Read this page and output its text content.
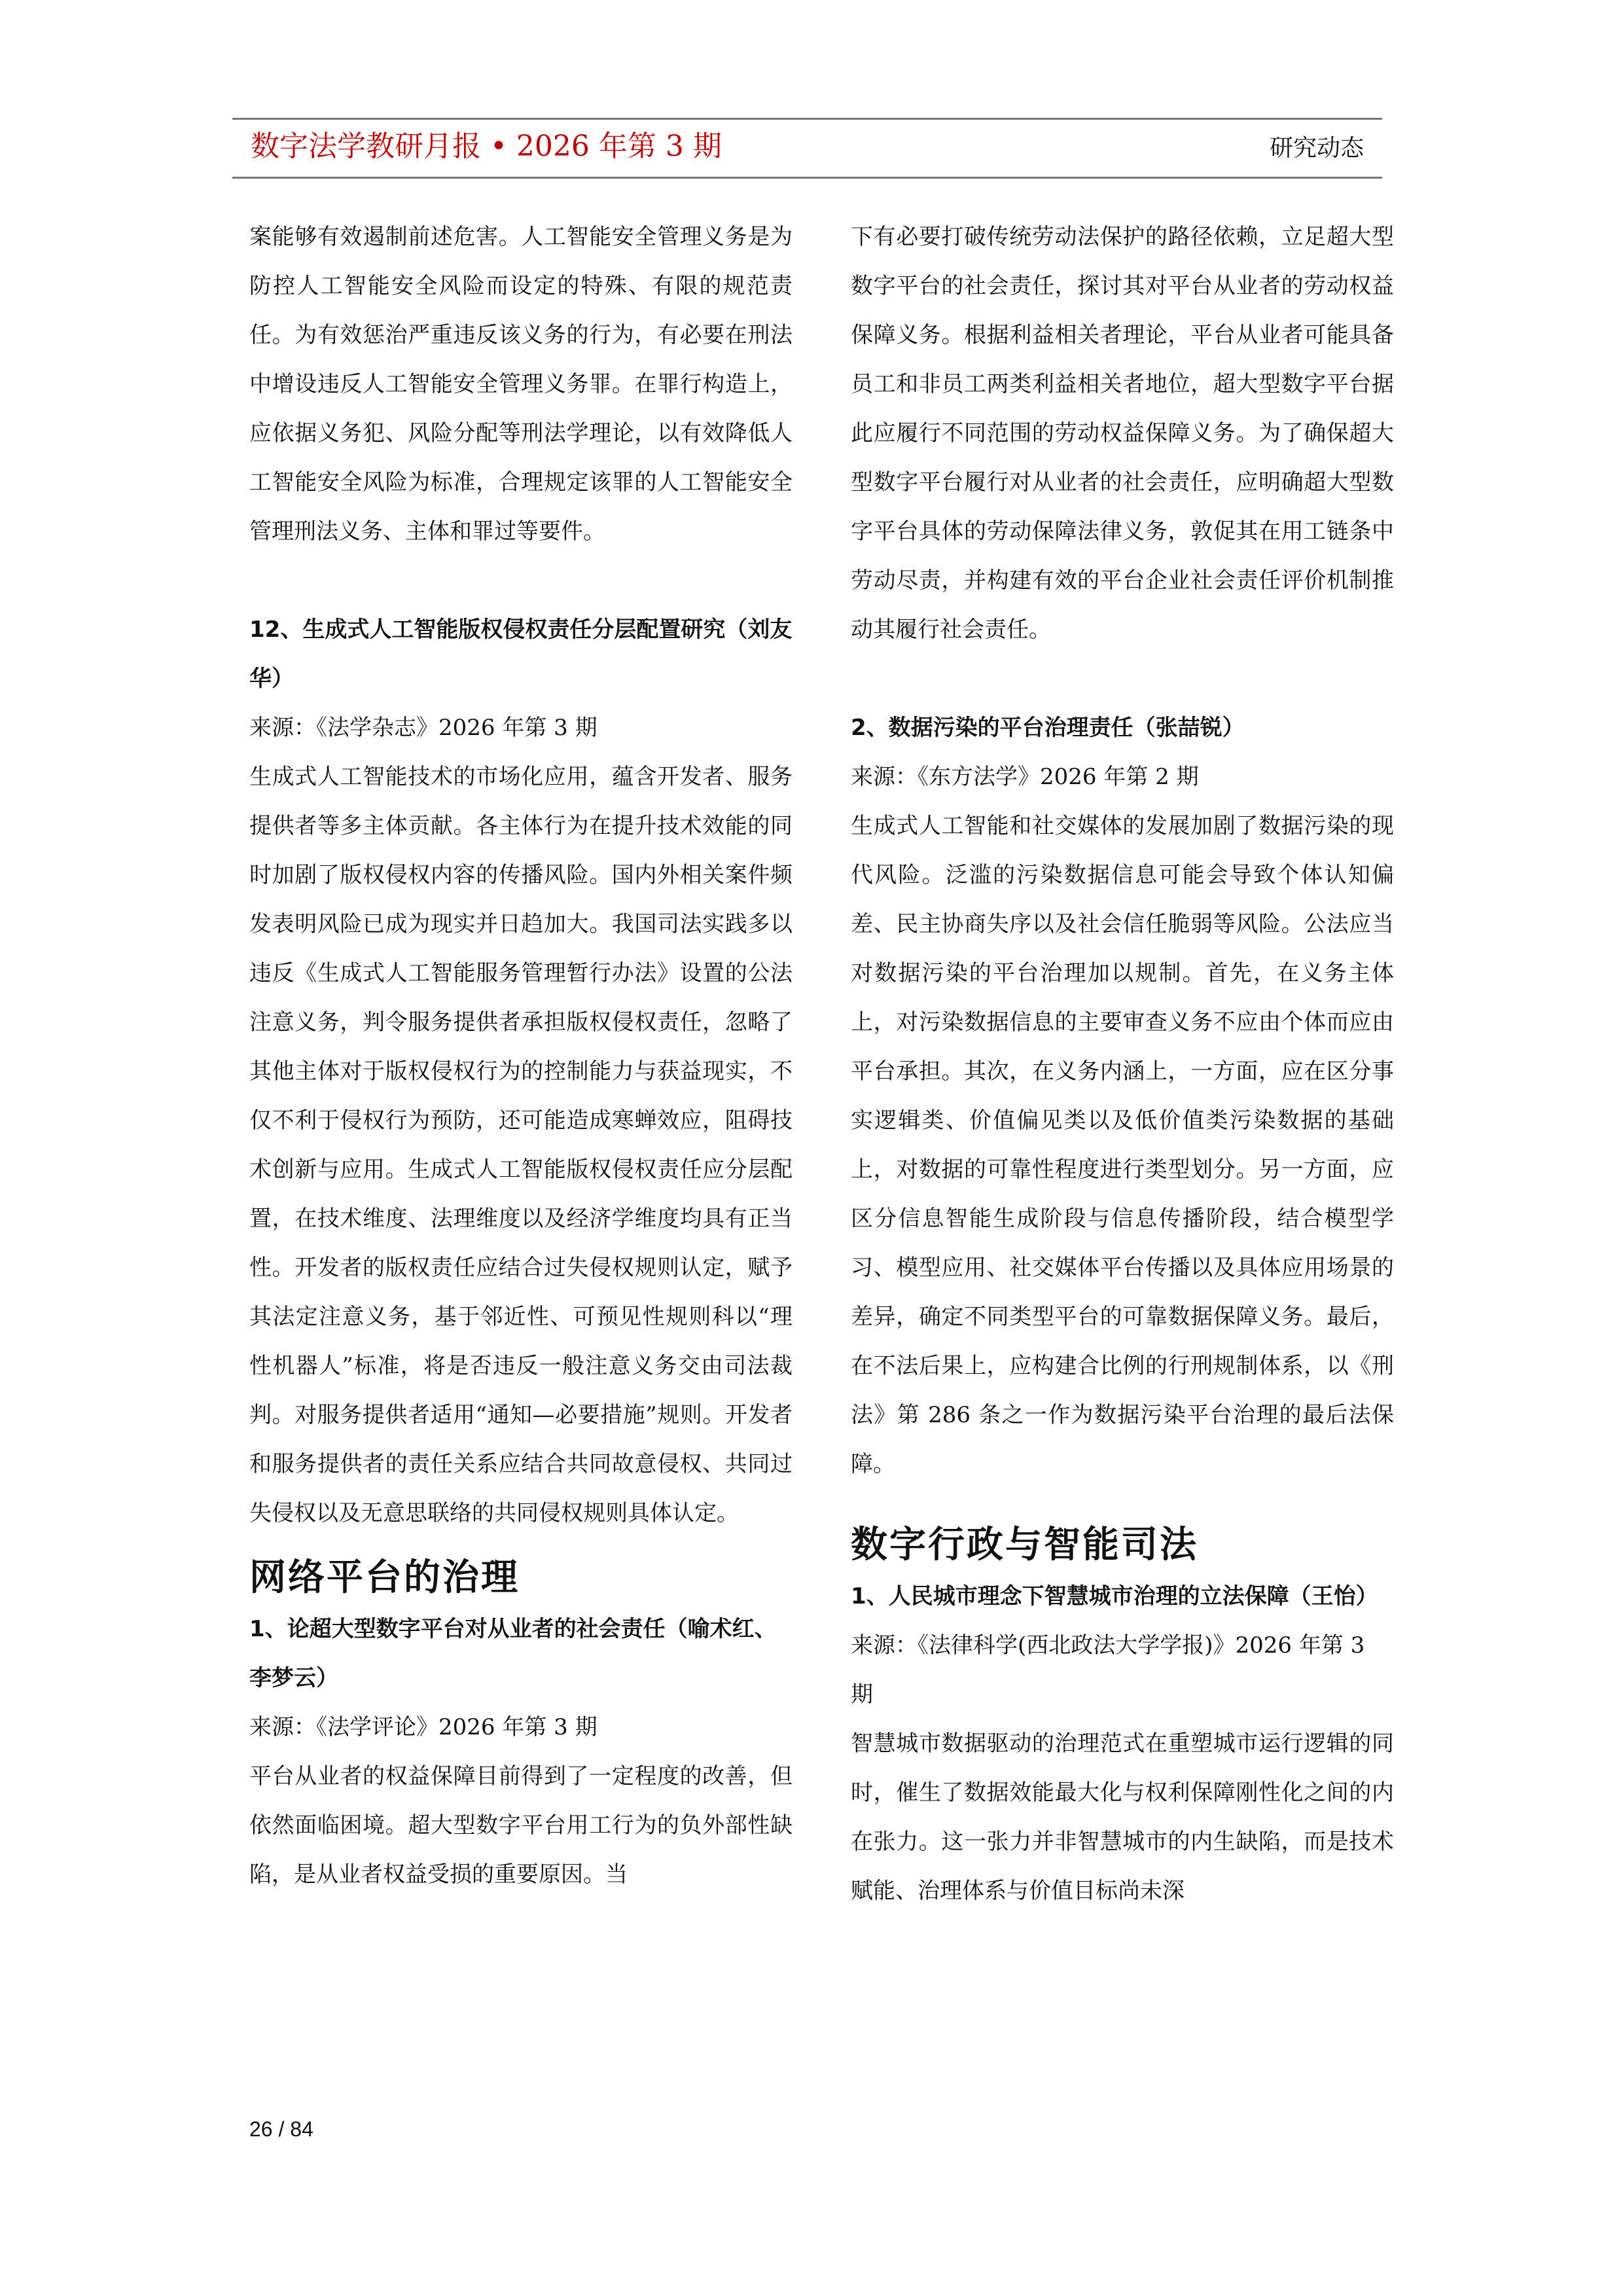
数字法学教研月报 • 2026 年第 3 期	研究动态

案能够有效遏制前述危害。人工智能安全管理义务是为防控人工智能安全风险而设定的特殊、有限的规范责任。为有效惩治严重违反该义务的行为，有必要在刑法中增设违反人工智能安全管理义务罪。在罪行构造上，应依据义务犯、风险分配等刑法学理论，以有效降低人工智能安全风险为标准，合理规定该罪的人工智能安全管理刑法义务、主体和罪过等要件。

12、生成式人工智能版权侵权责任分层配置研究（刘友华）

来源：《法学杂志》2026 年第 3 期

生成式人工智能技术的市场化应用，蕴含开发者、服务提供者等多主体贡献。各主体行为在提升技术效能的同时加剧了版权侵权内容的传播风险。国内外相关案件频发表明风险已成为现实并日趋加大。我国司法实践多以违反《生成式人工智能服务管理暂行办法》设置的公法注意义务，判令服务提供者承担版权侵权责任，忽略了其他主体对于版权侵权行为的控制能力与获益现实，不仅不利于侵权行为预防，还可能造成寒蝉效应，阻碍技术创新与应用。生成式人工智能版权侵权责任应分层配置，在技术维度、法理维度以及经济学维度均具有正当性。开发者的版权责任应结合过失侵权规则认定，赋予其法定注意义务，基于邻近性、可预见性规则科以“理性机器人”标准，将是否违反一般注意义务交由司法裁判。对服务提供者适用“通知—必要措施”规则。开发者和服务提供者的责任关系应结合共同故意侵权、共同过失侵权以及无意思联络的共同侵权规则具体认定。

网络平台的治理

1、论超大型数字平台对从业者的社会责任（喻术红、李梦云）

来源：《法学评论》2026 年第 3 期

平台从业者的权益保障目前得到了一定程度的改善，但依然面临困境。超大型数字平台用工行为的负外部性缺陷，是从业者权益受损的重要原因。当

下有必要打破传统劳动法保护的路径依赖，立足超大型数字平台的社会责任，探讨其对平台从业者的劳动权益保障义务。根据利益相关者理论，平台从业者可能具备员工和非员工两类利益相关者地位，超大型数字平台据此应履行不同范围的劳动权益保障义务。为了确保超大型数字平台履行对从业者的社会责任，应明确超大型数字平台具体的劳动保障法律义务，敦促其在用工链条中劳动尽责，并构建有效的平台企业社会责任评价机制推动其履行社会责任。

2、数据污染的平台治理责任（张喆锐）

来源：《东方法学》2026 年第 2 期

生成式人工智能和社交媒体的发展加剧了数据污染的现代风险。泛滥的污染数据信息可能会导致个体认知偏差、民主协商失序以及社会信任脆弱等风险。公法应当对数据污染的平台治理加以规制。首先，在义务主体上，对污染数据信息的主要审查义务不应由个体而应由平台承担。其次，在义务内涵上，一方面，应在区分事实逻辑类、价值偏见类以及低价值类污染数据的基础上，对数据的可靠性程度进行类型划分。另一方面，应区分信息智能生成阶段与信息传播阶段，结合模型学习、模型应用、社交媒体平台传播以及具体应用场景的差异，确定不同类型平台的可靠数据保障义务。最后，在不法后果上，应构建合比例的行刑规制体系，以《刑法》第 286 条之一作为数据污染平台治理的最后法保障。

数字行政与智能司法

1、人民城市理念下智慧城市治理的立法保障（王怡）

来源：《法律科学(西北政法大学学报)》2026 年第 3 期

智慧城市数据驱动的治理范式在重塑城市运行逻辑的同时，催生了数据效能最大化与权利保障刚性化之间的内在张力。这一张力并非智慧城市的内生缺陷，而是技术赋能、治理体系与价值目标尚未深

26 / 84
